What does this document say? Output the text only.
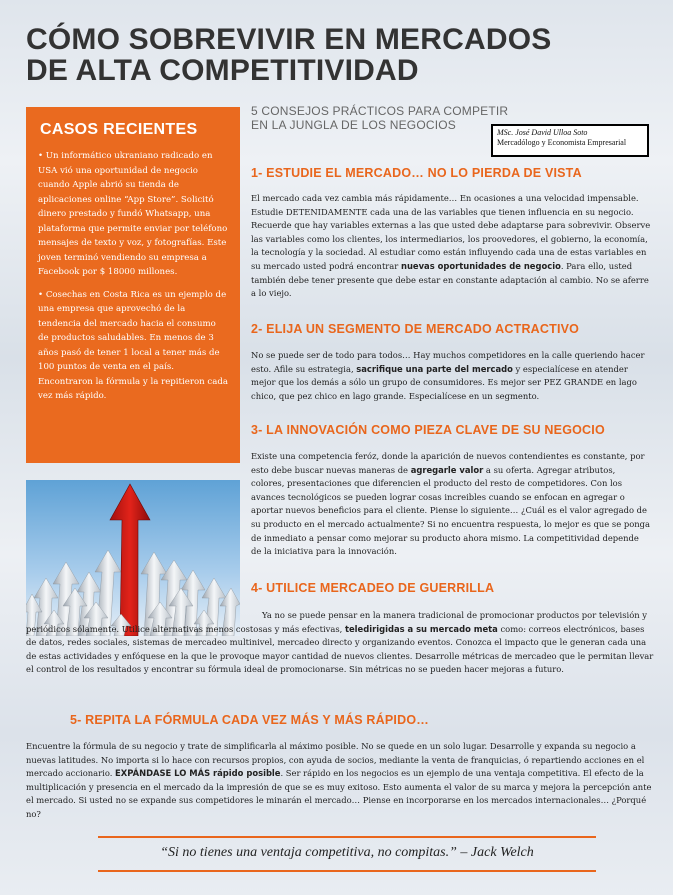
CÓMO SOBREVIVIR EN MERCADOS
DE ALTA COMPETITIVIDAD
CASOS RECIENTES

• Un informático ukraniano radicado en USA vió una oportunidad de negocio cuando Apple abrió su tienda de aplicaciones online “App Store”. Solicitó dinero prestado y fundó Whatsapp, una plataforma que permite enviar por teléfono mensajes de texto y voz, y fotografías. Este joven terminó vendiendo su empresa a Facebook por $ 18000 millones.

• Cosechas en Costa Rica es un ejemplo de una empresa que aprovechó de la tendencia del mercado hacia el consumo de productos saludables. En menos de 3 años pasó de tener 1 local a tener más de 100 puntos de venta en el país. Encontraron la fórmula y la repitieron cada vez más rápido.

5 CONSEJOS PRÁCTICOS PARA COMPETIR
EN LA JUNGLA DE LOS NEGOCIOS
MSc. José David Ulloa Soto
Mercadólogo y Economista Empresarial
1- ESTUDIE EL MERCADO… NO LO PIERDA DE VISTA
El mercado cada vez cambia más rápidamente… En ocasiones a una velocidad impensable. Estudie DETENIDAMENTE cada una de las variables que tienen influencia en su negocio. Recuerde que hay variables externas a las que usted debe adaptarse para sobrevivir. Observe las variables como los clientes, los intermediarios, los proovedores, el gobierno, la economía, la tecnología y la sociedad. Al estudiar como están influyendo cada una de estas variables en su mercado usted podrá encontrar nuevas oportunidades de negocio. Para ello, usted también debe tener presente que debe estar en constante adaptación al cambio. No se aferre a lo viejo.
2- ELIJA UN SEGMENTO DE MERCADO ACTRACTIVO
No se puede ser de todo para todos… Hay muchos competidores en la calle queriendo hacer esto. Afile su estrategia, sacrifique una parte del mercado y especialícese en atender mejor que los demás a sólo un grupo de consumidores. Es mejor ser PEZ GRANDE en lago chico, que pez chico en lago grande. Especialícese en un segmento.
3- LA INNOVACIÓN COMO PIEZA CLAVE DE SU NEGOCIO
Existe una competencia feróz, donde la aparición de nuevos contendientes es constante, por esto debe buscar nuevas maneras de agregarle valor a su oferta. Agregar atributos, colores, presentaciones que diferencien el producto del resto de competidores. Con los avances tecnológicos se pueden lograr cosas increibles cuando se enfocan en agregar o aportar nuevos beneficios para el cliente. Piense lo siguiente… ¿Cuál es el valor agregado de su producto en el mercado actualmente? Si no encuentra respuesta, lo mejor es que se ponga de inmediato a pensar como mejorar su producto ahora mismo. La competitividad depende de la iniciativa para la innovación.
4- UTILICE MERCADEO DE GUERRILLA
Ya no se puede pensar en la manera tradicional de promocionar productos por televisión y periódicos sólamente. Utilice alternativas menos costosas y más efectivas, teledirigidas a su mercado meta como: correos electrónicos, bases de datos, redes sociales, sistemas de mercadeo multinivel, mercadeo directo y organizando eventos. Conozca el impacto que le generan cada una de estas actividades y enfóquese en la que le provoque mayor cantidad de nuevos clientes. Desarrolle métricas de mercadeo que le permitan llevar el control de los resultados y encontrar su fórmula ideal de promocionarse. Sin métricas no se pueden hacer mejoras a futuro.
5- REPITA LA FÓRMULA CADA VEZ MÁS Y MÁS RÁPIDO…
Encuentre la fórmula de su negocio y trate de simplificarla al máximo posible. No se quede en un solo lugar. Desarrolle y expanda su negocio a nuevas latitudes. No importa si lo hace con recursos propios, con ayuda de socios, mediante la venta de franquicias, ó repartiendo acciones en el mercado accionario. EXPÁNDASE LO MÁS rápido posible. Ser rápido en los negocios es un ejemplo de una ventaja competitiva. El efecto de la multiplicación y presencia en el mercado da la impresión de que se es muy exitoso. Esto aumenta el valor de su marca y mejora la percepción ante el mercado. Si usted no se expande sus competidores le minarán el mercado… Piense en incorporarse en los mercados internacionales… ¿Porqué no?
“Si no tienes una ventaja competitiva, no compitas.” – Jack Welch
